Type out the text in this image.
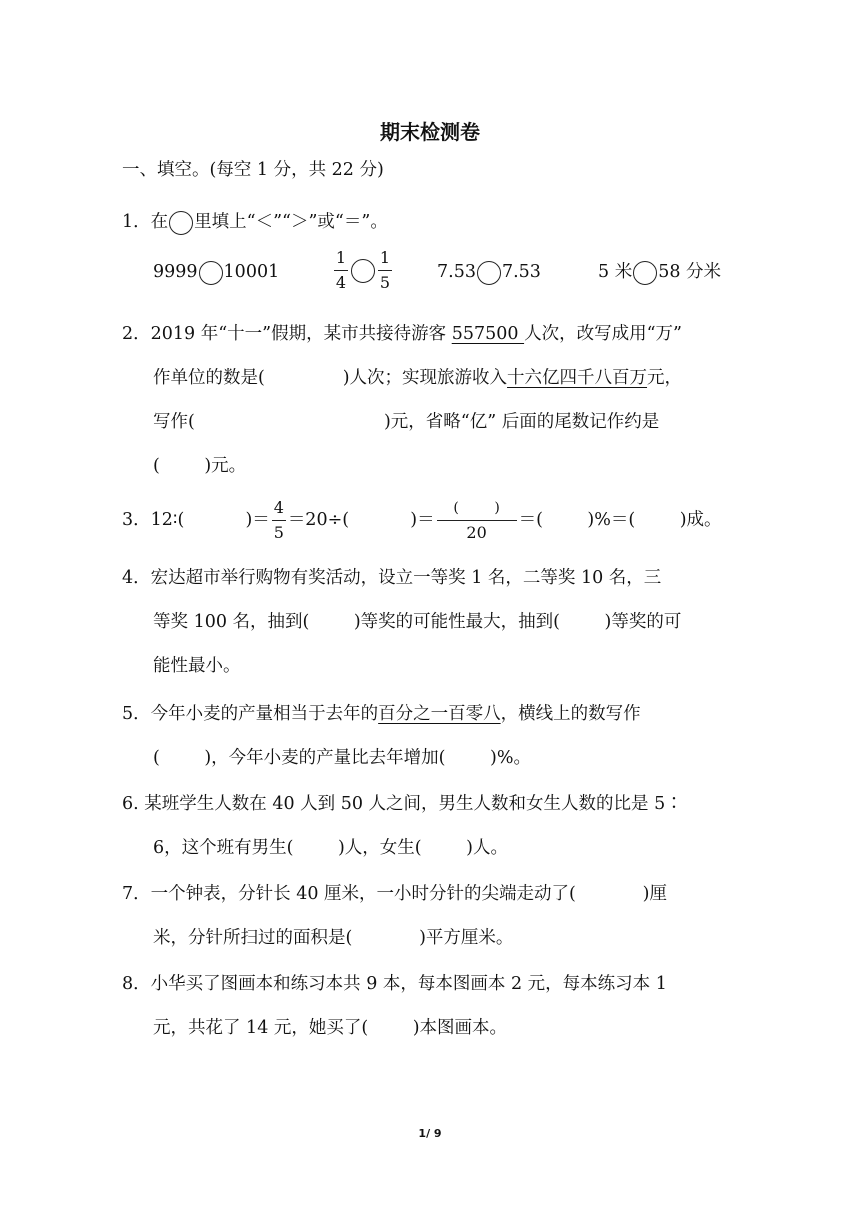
期末检测卷
一、填空。(每空 1 分，共 22 分)
1．在 里填上“＜”“＞”或“＝”。
9999 10001	$\frac{1}{4} \frac{1}{5}$	7.53 7.53	5 米 58 分米
2．2019 年“十一”假期，某市共接待游客 557500 人次，改写成用“万”
作单位的数是(              )人次；实现旅游收入十六亿四千八百万元，
写作(                                  )元，省略“亿” 后面的尾数记作约是
(        )元。
3． 12∶(           )＝ $\frac{4}{5} =20\div$(           )＝ $\frac{( )}{20}$ ＝(        )%＝(        )成。
4．宏达超市举行购物有奖活动，设立一等奖 1 名，二等奖 10 名，三
等奖 100 名，抽到(        )等奖的可能性最大，抽到(        )等奖的可
能性最小。
5．今年小麦的产量相当于去年的百分之一百零八，横线上的数写作
(        )，今年小麦的产量比去年增加(        )%。
6. 某班学生人数在 40 人到 50 人之间，男生人数和女生人数的比是 5∶
6，这个班有男生(        )人，女生(        )人。
7．一个钟表，分针长 40 厘米，一小时分针的尖端走动了(            )厘
米，分针所扫过的面积是(            )平方厘米。
8．小华买了图画本和练习本共 9 本，每本图画本 2 元，每本练习本 1
元，共花了 14 元，她买了(        )本图画本。
1/ 9
